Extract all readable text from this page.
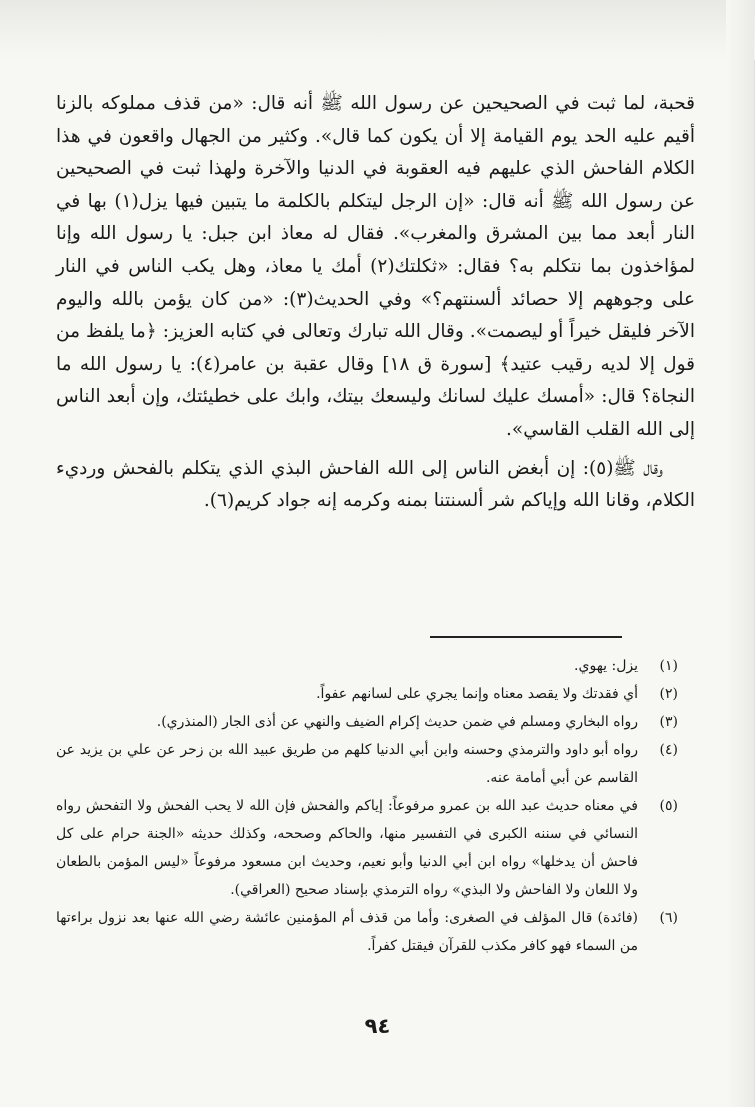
قحبة، لما ثبت في الصحيحين عن رسول الله ﷺ أنه قال: «من قذف مملوكه بالزنا أقيم عليه الحد يوم القيامة إلا أن يكون كما قال». وكثير من الجهال واقعون في هذا الكلام الفاحش الذي عليهم فيه العقوبة في الدنيا والآخرة ولهذا ثبت في الصحيحين عن رسول الله ﷺ أنه قال: «إن الرجل ليتكلم بالكلمة ما يتبين فيها يزل(١) بها في النار أبعد مما بين المشرق والمغرب». فقال له معاذ ابن جبل: يا رسول الله وإنا لمؤاخذون بما نتكلم به؟ فقال: «ثكلتك(٢) أمك يا معاذ، وهل يكب الناس في النار على وجوههم إلا حصائد ألسنتهم؟» وفي الحديث(٣): «من كان يؤمن بالله واليوم الآخر فليقل خيراً أو ليصمت». وقال الله تبارك وتعالى في كتابه العزيز: ﴿ما يلفظ من قول إلا لديه رقيب عتيد﴾ [سورة ق ١٨] وقال عقبة بن عامر(٤): يا رسول الله ما النجاة؟ قال: «أمسك عليك لسانك وليسعك بيتك، وابك على خطيئتك، وإن أبعد الناس إلى الله القلب القاسي».

وقال ﷺ(٥): إن أبغض الناس إلى الله الفاحش البذي الذي يتكلم بالفحش ورديء الكلام، وقانا الله وإياكم شر ألسنتنا بمنه وكرمه إنه جواد كريم(٦).

(١)
يزل: يهوي.
(٢)
أي فقدتك ولا يقصد معناه وإنما يجري على لسانهم عفواً.
(٣)
رواه البخاري ومسلم في ضمن حديث إكرام الضيف والنهي عن أذى الجار (المنذري).
(٤)
رواه أبو داود والترمذي وحسنه وابن أبي الدنيا كلهم من طريق عبيد الله بن زحر عن علي بن يزيد عن القاسم عن أبي أمامة عنه.
(٥)
في معناه حديث عبد الله بن عمرو مرفوعاً: إياكم والفحش فإن الله لا يحب الفحش ولا التفحش رواه النسائي في سننه الكبرى في التفسير منها، والحاكم وصححه، وكذلك حديثه «الجنة حرام على كل فاحش أن يدخلها» رواه ابن أبي الدنيا وأبو نعيم، وحديث ابن مسعود مرفوعاً «ليس المؤمن بالطعان ولا اللعان ولا الفاحش ولا البذي» رواه الترمذي بإسناد صحيح (العراقي).
(٦)
(فائدة) قال المؤلف في الصغرى: وأما من قذف أم المؤمنين عائشة رضي الله عنها بعد نزول براءتها من السماء فهو كافر مكذب للقرآن فيقتل كفراً.
٩٤
